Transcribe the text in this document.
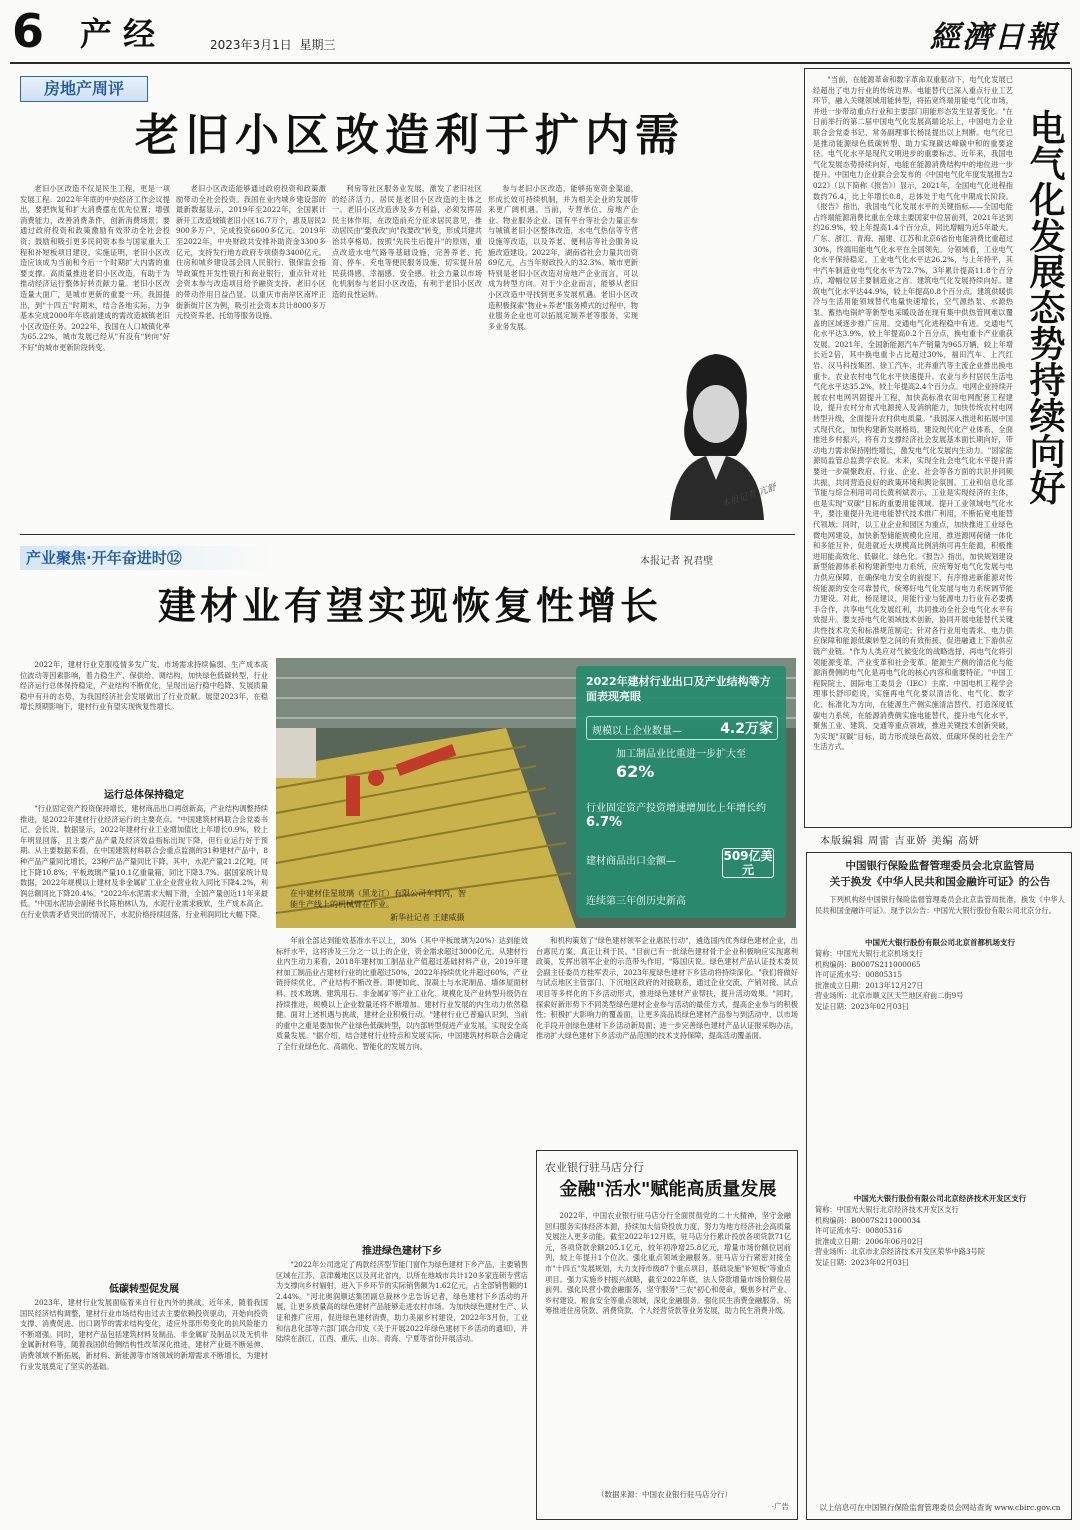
6 产 经	2023年3月1日 星期三	經濟日報
房地产周评
老旧小区改造利于扩内需
老旧小区改造不仅是民生工程，更是一项发展工程。2022年年底的中央经济工作会议提出，要把恢复和扩大消费摆在优先位置；增强消费能力，改善消费条件，创新消费场景；要通过政府投资和政策激励有效带动全社会投资；鼓励和吸引更多民间资本参与国家重大工程和补短板项目建设。实施证明，老旧小区改造应该成为当前和今后一个时期扩大内需的重要支撑。高质量推进老旧小区改造，有助于为推动经济运行整体好转贡献力量。老旧小区改造量大面广，是城市更新的重要一环。我国提出，到"十四五"时期末，结合各地实际，力争基本完成2000年年底前建成的需改造城镇老旧小区改造任务。2022年，我国在人口城镇化率为65.22%，城市发展已经从"有没有"转向"好不好"的城市更新阶段转变。
老旧小区改造能够通过政府投资和政策激励带动全社会投资。我国在业内城乡建设部的最新数据显示，2019年至2022年，全国累计新开工改造城镇老旧小区16.7万个，惠及居民2900多万户，完成投资6600多亿元。2019年至2022年，中央财政共安排补助资金3300多亿元，支持发行地方政府专项债券3400亿元。住房和城乡建设部会同人民银行、银保监会指导政策性开发性银行和商业银行，重点针对社会资本参与改造项目给予融资支持。老旧小区的带动作用日益凸显。以重庆市南岸区南坪正街新街片区为例，吸引社会资本共计8000多万元投资养老、托幼等服务设施。
利房等社区服务业发展，激发了老旧社区的经济活力。居民是老旧小区改造的主体之一。老旧小区改造涉及多方利益，必须发挥居民主体作用，在改造前充分征求居民意见，推动居民由"要我改"向"我要改"转变，形成共建共治共享格局。按照"先民生后提升"的原则，重点改造水电气路等基础设施，完善养老、托育、停车、充电等便民服务设施，切实提升居民获得感、幸福感、安全感。社会力量以市场化机制参与老旧小区改造，有利于老旧小区改造的良性运转。
参与老旧小区改造，能够拓宽资金渠道，形成长效可持续机制，并为相关企业的发展带来更广阔机遇。当前，专营单位、房地产企业、物业服务企业、国有平台等社会力量正参与城镇老旧小区整体改造，水电气热信等专营设施等改造，以及养老、便利店等社会服务设施改造建设。2022年，湖南省社会力量共出资69亿元，占当年财政投入的32.3%。城市更新特别是老旧小区改造对房地产企业而言，可以成为转型方向。对于少企业而言，能够从老旧小区改造中寻找到更多发展机遇。老旧小区改造积极探索"物业+养老"服务模式的过程中，物业服务企业也可以拓展定制养老等服务，实现多业务发展。
本报记者 亢舒
"当前，在能源革命和数字革命双重驱动下，电气化发展已经超出了电力行业的传统边界。电能替代已深入重点行业工艺环节，融入关键领域用能转型，将拓宽终端用能电气化市场，并进一步带动重点行业和主要部门用能形态发生显著变化。"在日前举行的第二届中国电气化发展高端论坛上，中国电力企业联合会党委书记、常务副理事长杨昆提出以上判断。电气化已是推动能源绿色低碳转型、助力实现碳达峰碳中和的重要途径。电气化水平是现代文明进步的重要标志。近年来，我国电气化发展态势持续向好，电能在能源消费结构中的地位进一步提升。中国电力企业联合会发布的《中国电气化年度发展报告2022》（以下简称《报告》）显示，2021年，全国电气化进程指数约76.4，比上年增长0.8，总体处于电气化中期成长阶段。《报告》指出，我国电气化发展水平的关键指标——全国电能占终端能源消费比重在全球主要国家中位居前列，2021年达到约26.9%，较上年提高1.4个百分点，同比增幅为近5年最大。广东、浙江、青海、福建、江苏和北京6省份电能消费比重超过30%，终端用能电气化水平在全国领先。分领域看，工业电气化水平保持稳定。工业电气化水平达26.2%，与上年持平，其中汽车制造业电气化水平为72.7%，3年累计提高11.8个百分点，增幅位居主要制造业之首。建筑电气化发展持续向好。建筑电气化水平达44.9%，较上年提高0.8个百分点。建筑供暖供冷与生活用能领域替代电量快速增长，空气源热泵、水源热泵、蓄热电锅炉等新型电采暖设备在现有集中供热管网难以覆盖的区域逐步推广应用。交通电气化进程稳中有进。交通电气化水平达3.9%，较上年提高0.2个百分点，换电重卡产业重获发展。2021年，全国新能源汽车产销量为965万辆，较上年增长近2倍，其中换电重卡占比超过30%，福田汽车、上汽红岩、汉马科技集团、徐工汽车、北奔重汽等主流企业推出换电重卡。农业农村电气化水平快速提升。农业与乡村居民生活电气化水平达35.2%，较上年提高2.4个百分点。电网企业持续开展农村电网巩固提升工程，加快高标准农田电网配套工程建设，提升农村分布式电源接入及消纳能力，加快传统农村电网转型升级，全面提升农村供电质量。"我国深入推进和拓展中国式现代化，加快构建新发展格局，建设现代化产业体系，全面推进乡村振兴，将有力支撑经济社会发展基本面长期向好，带动电力需求保持刚性增长，激发电气化发展内生动力。"国家能源局监管总监黄学农说。未来，实现全社会电气化水平提升需要进一步凝聚政府、行业、企业、社会等各方面的共识并同频共振，共同营造良好的政策环境和舆论氛围。工业和信息化部节能与综合利用司司长黄利斌表示，工业是实现经济的主体，也是实现"双碳"目标的重要用能领域。提升工业领域电气化水平，要注重提升先进电能替代技术推广利用，不断拓宽电能替代领域；同时，以工业企业和园区为重点，加快推进工业绿色微电网建设，加快新型储能规模化应用，推进源网荷储一体化和多能互补，促进就近大规模高比例消纳可再生能源，积极推进用能高效化、低碳化、绿色化。《报告》指出，加快规划建设新型能源体系和构建新型电力系统，应统筹好电气化发展与电力供应保障，在确保电力安全的前提下，有序推进新能源对传统能源的安全可靠替代，统筹好电气化发展与电力系统调节能力建设。对此，杨昆建议，用能行业与能源电力行业有必要携手合作，共享电气化发展红利，共同推动全社会电气化水平有效提升。要支持电气化领域技术创新，协同开展电能替代关键共性技术攻关和标准规范制定；针对各行业用电需求、电力供应保障和能源低碳转型之间的有效衔接，促进融通上下游供应链产业链。"作为人类应对气候变化的战略选择，再电气化将引领能源变革、产业变革和社会变革。能源生产侧的清洁化与能源消费侧的电气化是再电气化的核心内容和重要特征。"中国工程院院士、国际电工委员会（IEC）主席、中国电机工程学会理事长舒印彪说，实施再电气化要以清洁化、电气化、数字化、标准化为方向，在能源生产侧实施清洁替代，打造深度低碳电力系统，在能源消费侧实施电能替代，提升电气化水平，聚焦工业、建筑、交通等重点领域，推进关键技术创新突破，为实现"双碳"目标，助力形成绿色高效、低碳环保的社会生产生活方式。
电气化发展态势持续向好
本版编辑 周雷 吉亚娇 美编 高妍
产业聚焦·开年奋进时⑫	本报记者 祝君壁
建材业有望实现恢复性增长
2022年，建材行业克服疫情多发广发、市场需求持续偏弱、生产成本高位波动等因素影响，着力稳生产、保供给、调结构，加快绿色低碳转型，行业经济运行总体保持稳定，产业结构不断优化，呈现出运行稳中趋降、发展质量稳中有升的态势，为我国经济社会发展做出了行业贡献。展望2023年，在稳增长预期影响下，建材行业有望实现恢复性增长。
运行总体保持稳定
"行业固定资产投资保持增长，建材商品出口再创新高，产业结构调整持续推进，是2022年建材行业经济运行的主要亮点。"中国建筑材料联合会党委书记、会长说。数据显示，2022年建材行业工业增加值比上年增长0.9%，较上年明显回落，且主要产品产量及经济效益指标出现下降，但行业运行好于预期。从主要数据来看，在中国建筑材料联合会重点监测的31种建材产品中，8种产品产量同比增长，23种产品产量同比下降。其中，水泥产量21.2亿吨，同比下降10.8%；平板玻璃产量10.1亿重量箱，同比下降3.7%。据国家统计局数据，2022年规模以上建材及非金属矿工业企业营业收入同比下降4.2%，利润总额同比下降20.4%。"2022年水泥需求大幅下滑，全国产量创近11年来最低。"中国水泥协会副秘书长陈柏林认为，水泥行业需求疲软，生产成本高企。在行业供需矛盾突出的情况下，水泥价格持续回落，行业利润同比大幅下降。
低碳转型促发展
2023年，建材行业发展面临着来自行业内外的挑战。近年来，随着我国国民经济结构调整，建材行业市场结构由过去主要依赖投资驱动，开始向投资支撑、消费促进、出口调节的需求结构变化，适应外部形势变化的抗风险能力不断增强。同时，建材产品包括建筑材料及制品、非金属矿及制品以及无机非金属新材料等，随着我国供给侧结构性改革深化推进，建材产业链不断延伸、消费领域不断拓展，新材料、新能源等市场领域的新增需求不断增长，为建材行业发展奠定了坚实的基础。
2022年建材行业出口及产业结构等方面表现亮眼
规模以上企业数量—	4.2万家
加工制品业比重进一步扩大至
62%
行业固定资产投资增速增加比上年增长约 6.7%
建材商品出口金额—	509亿美元
连续第三年创历史新高
在中建材佳星玻璃（黑龙江）有限公司车间内，智能生产线上的机械臂在作业。
新华社记者 王建威摄
年前全部达到能效基准水平以上，30%（其中平板玻璃为20%）达到能效标杆水平，这将涉及三分之一以上的企业，资金需求超过3000亿元。从建材行业内生动力来看，2018年建材加工制品业产值超过基础材料产业，2019年建材加工制品业占建材行业的比重超过50%，2022年持续优化并超过60%，产业链持续优化，产业结构不断改善。即便如此，混凝土与水泥制品、墙体屋面材料、技术玻璃、建筑用石、非金属矿等产业工业化、规模化及产业转型升级仍在持续推进，规模以上企业数量还将不断增加。建材行业发展的内生动力依然稳健。面对上述机遇与挑战，建材企业积极行动。"建材行业已普遍认识到，当前的重中之重是要加快产业绿色低碳转型，以内部转型促进产业发展，实现安全高质量发展。"据介绍，结合建材行业特点和发展实际，中国建筑材料联合会确定了全行业绿色化、高端化、智能化的发展方向。
推进绿色建材下乡
"2022年公司选定了两款经济型节能门窗作为绿色建材下乡产品，主要销售区域在江苏、京津冀地区以及河北省内，以所在地城市共计120多家连锁专营店为支撑向乡村辐射，进入下乡环节的实际销售额为1.62亿元，占全部销售额的12.44%。"河北奥润顺达集团副总裁林少忠告诉记者，绿色建材下乡活动的开展，让更多质量高的绿色建材产品能够走进农村市场。为加快绿色建材生产、认证和推广应用，促进绿色建材消费，助力美丽乡村建设，2022年3月份，工业和信息化部等六部门联合印发《关于开展2022年绿色建材下乡活动的通知》，并陆续在浙江、江西、重庆、山东、青海、宁夏等省份开展活动。
和机构策划了"绿色建材领军企业惠民行动"，遴选国内优秀绿色建材企业，出台惠民方案，真正让利于民。"目前已有一批绿色建材骨干企业积极响应实现惠利政策，发挥出领军企业的示范带头作用。"陈国庆说。绿色建材产品认证技术委员会副主任委员方桂军表示，2023年度绿色建材下乡活动将持续深化。"我们将做好与试点地区主管部门、下沉地区政府的对接联系，通过企业交流、产销对接、试点项目等多样化的下乡活动形式，推进绿色建材产业帮扶，提升活动效果。"同时，探索好新形势下不同类型绿色建材企业参与活动的最佳方式，提高企业参与的积极性；积极扩大影响力的覆盖面，让更多高品质绿色建材产品参与到活动中，以市场化手段开创绿色建材下乡活动新局面；进一步完善绿色建材产品认证报采购办法，推动扩大绿色建材下乡活动产品范围的技术支持保障，提高活动覆盖面。
农业银行驻马店分行
金融"活水"赋能高质量发展
2022年，中国农业银行驻马店分行全面贯彻党的二十大精神，坚守金融回归服务实体经济本源，持续加大信贷投放力度，努力为地方经济社会高质量发展注入更多动能。截至2022年12月底，驻马店分行累计投放各项贷款71亿元，各项贷款余额205.1亿元，较年初净增25.8亿元，增量市场份额位居前列，较上年提升1个位次。强化重点领域金融服务。驻马店分行紧密对接全市"十四五"发展规划，大力支持市级87个重点项目，基础设施"补短板"等重点项目。强力实施乡村振兴战略，截至2022年底，法人贷款增量市场份额位居前列。强化民营小微金融服务，坚守服务"三农"初心和使命，聚焦乡村产业、乡村建设、粮食安全等重点领域，深化金融服务。强化民生消费金融服务。统筹推进住房贷款、消费贷款、个人经营贷款等业务发展，助力民生消费升级。
（数据来源：中国农业银行驻马店分行）
·广告
中国银行保险监督管理委员会北京监管局
关于换发《中华人民共和国金融许可证》的公告
下列机构经中国银行保险监督管理委员会北京监管局批准，换发《中华人民共和国金融许可证》。现予以公告：中国光大银行股份有限公司北京分行。
中国光大银行股份有限公司北京首都机场支行
简称：中国光大银行北京机场支行
机构编码：B0007S211000065
许可证流水号：00805315
批准成立日期：2013年12月27日
营业场所：北京市顺义区天竺地区府前二街9号
发证日期：2023年02月03日
中国光大银行股份有限公司北京经济技术开发区支行
简称：中国光大银行北京经济技术开发区支行
机构编码：B0007S211000034
许可证流水号：00805316
批准成立日期：2006年06月02日
营业场所：北京市北京经济技术开发区荣华中路3号院
发证日期：2023年02月03日
以上信息可在中国银行保险监督管理委员会网站查询 www.cbirc.gov.cn
